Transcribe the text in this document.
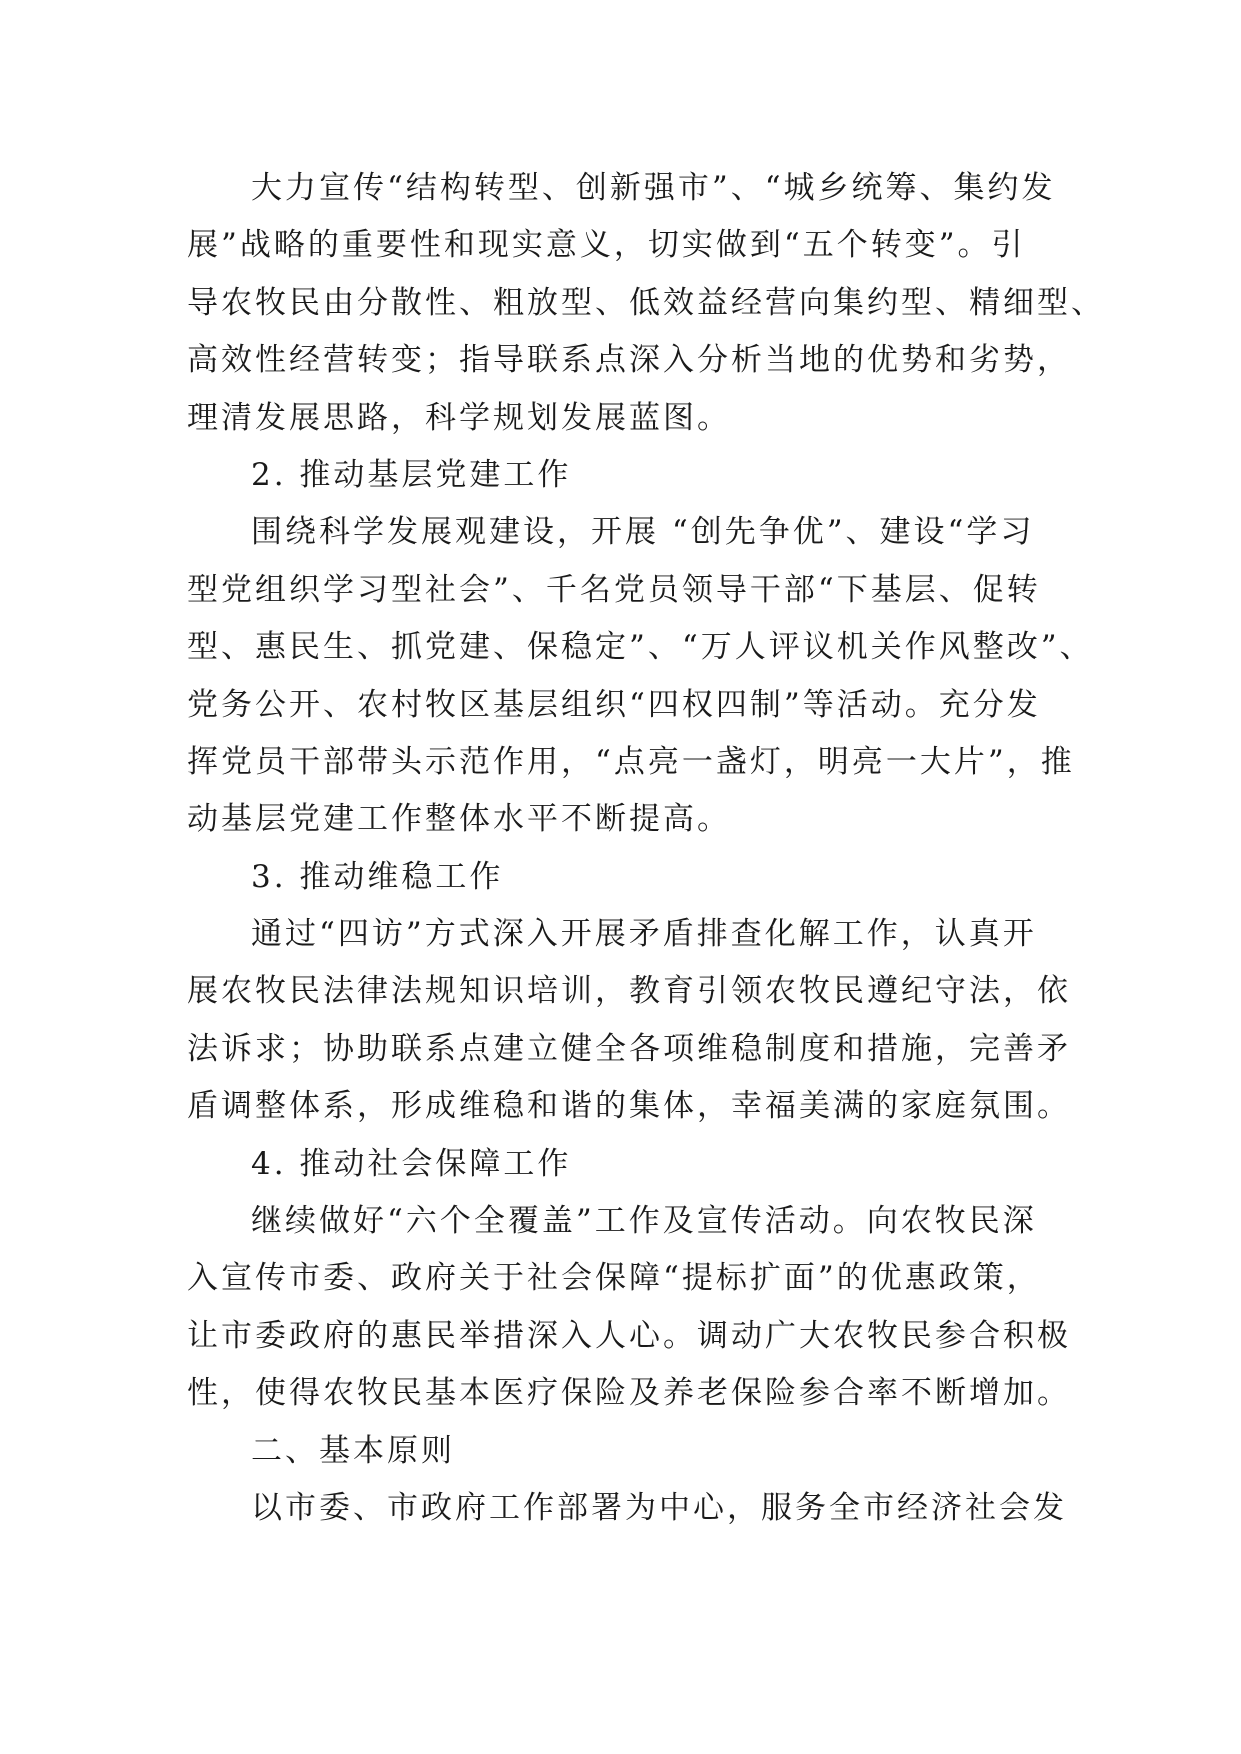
大力宣传“结构转型、创新强市”、“城乡统筹、集约发
展”战略的重要性和现实意义，切实做到“五个转变”。引
导农牧民由分散性、粗放型、低效益经营向集约型、精细型、
高效性经营转变；指导联系点深入分析当地的优势和劣势，
理清发展思路，科学规划发展蓝图。
2. 推动基层党建工作
围绕科学发展观建设，开展 “创先争优”、建设“学习
型党组织学习型社会”、千名党员领导干部“下基层、促转
型、惠民生、抓党建、保稳定”、“万人评议机关作风整改”、
党务公开、农村牧区基层组织“四权四制”等活动。充分发
挥党员干部带头示范作用，“点亮一盏灯，明亮一大片”，推
动基层党建工作整体水平不断提高。
3. 推动维稳工作
通过“四访”方式深入开展矛盾排查化解工作，认真开
展农牧民法律法规知识培训，教育引领农牧民遵纪守法，依
法诉求；协助联系点建立健全各项维稳制度和措施，完善矛
盾调整体系，形成维稳和谐的集体，幸福美满的家庭氛围。
4. 推动社会保障工作
继续做好“六个全覆盖”工作及宣传活动。向农牧民深
入宣传市委、政府关于社会保障“提标扩面”的优惠政策，
让市委政府的惠民举措深入人心。调动广大农牧民参合积极
性，使得农牧民基本医疗保险及养老保险参合率不断增加。
二、基本原则
以市委、市政府工作部署为中心，服务全市经济社会发
